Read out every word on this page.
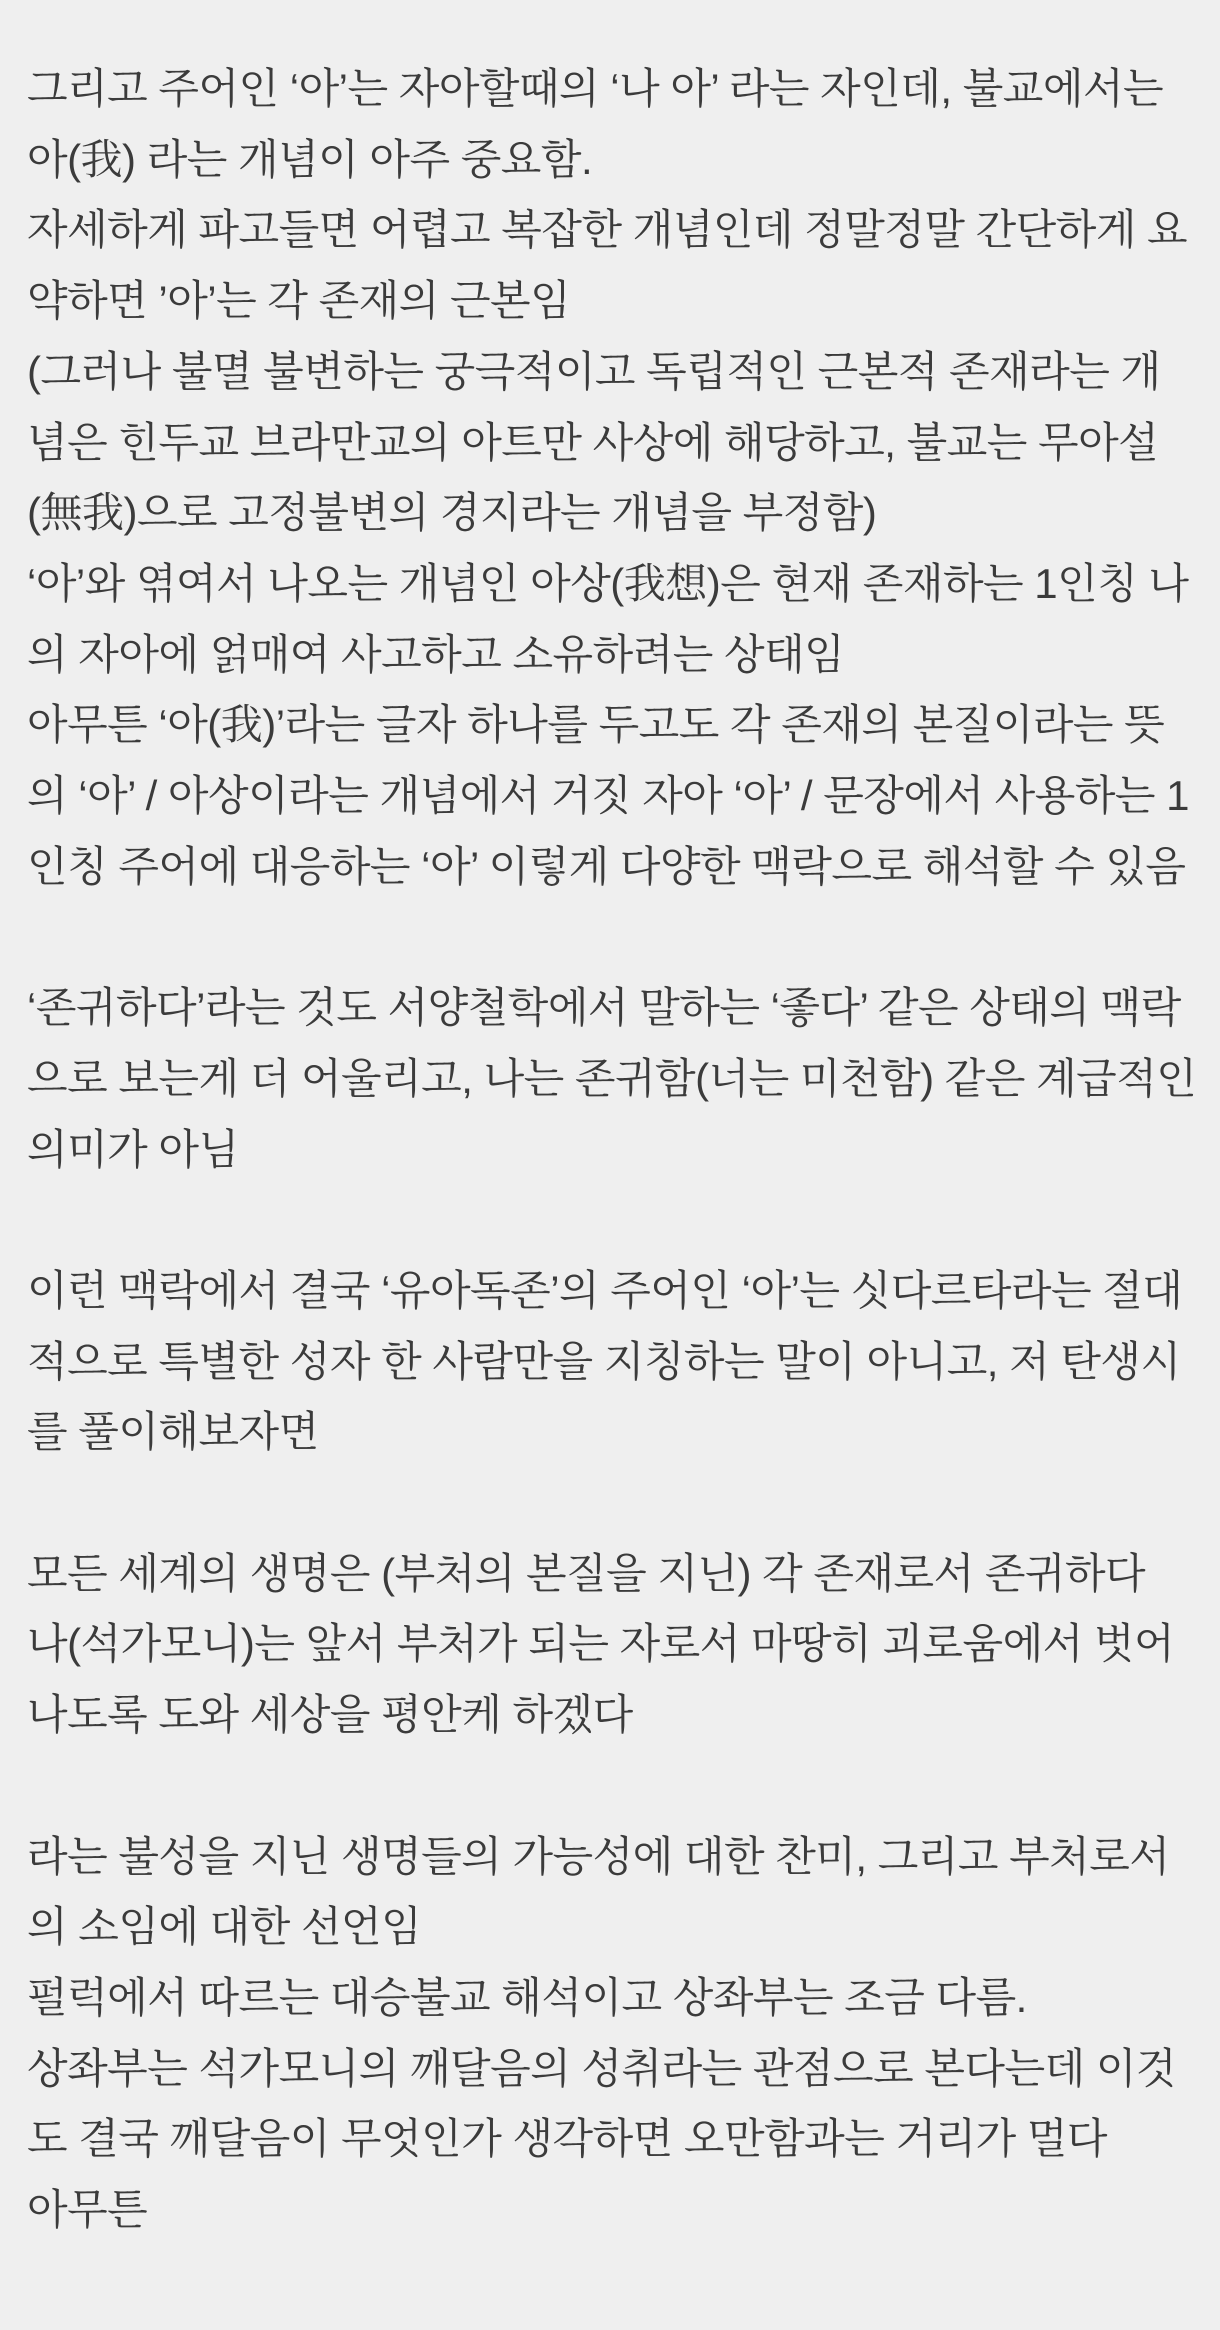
그리고 주어인 ‘아’는 자아할때의 ‘나 아’ 라는 자인데, 불교에서는
아(我) 라는 개념이 아주 중요함.
자세하게 파고들면 어렵고 복잡한 개념인데 정말정말 간단하게 요
약하면 ’아’는 각 존재의 근본임
(그러나 불멸 불변하는 궁극적이고 독립적인 근본적 존재라는 개
념은 힌두교 브라만교의 아트만 사상에 해당하고, 불교는 무아설
(無我)으로 고정불변의 경지라는 개념을 부정함)
‘아’와 엮여서 나오는 개념인 아상(我想)은 현재 존재하는 1인칭 나
의 자아에 얽매여 사고하고 소유하려는 상태임
아무튼 ‘아(我)’라는 글자 하나를 두고도 각 존재의 본질이라는 뜻
의 ‘아’ / 아상이라는 개념에서 거짓 자아 ‘아’ / 문장에서 사용하는 1
인칭 주어에 대응하는 ‘아’ 이렇게 다양한 맥락으로 해석할 수 있음
‘존귀하다’라는 것도 서양철학에서 말하는 ‘좋다’ 같은 상태의 맥락
으로 보는게 더 어울리고, 나는 존귀함(너는 미천함) 같은 계급적인
의미가 아님
이런 맥락에서 결국 ‘유아독존’의 주어인 ‘아’는 싯다르타라는 절대
적으로 특별한 성자 한 사람만을 지칭하는 말이 아니고, 저 탄생시
를 풀이해보자면
모든 세계의 생명은 (부처의 본질을 지닌) 각 존재로서 존귀하다
나(석가모니)는 앞서 부처가 되는 자로서 마땅히 괴로움에서 벗어
나도록 도와 세상을 평안케 하겠다
라는 불성을 지닌 생명들의 가능성에 대한 찬미, 그리고 부처로서
의 소임에 대한 선언임
펄럭에서 따르는 대승불교 해석이고 상좌부는 조금 다름.
상좌부는 석가모니의 깨달음의 성취라는 관점으로 본다는데 이것
도 결국 깨달음이 무엇인가 생각하면 오만함과는 거리가 멀다
아무튼
